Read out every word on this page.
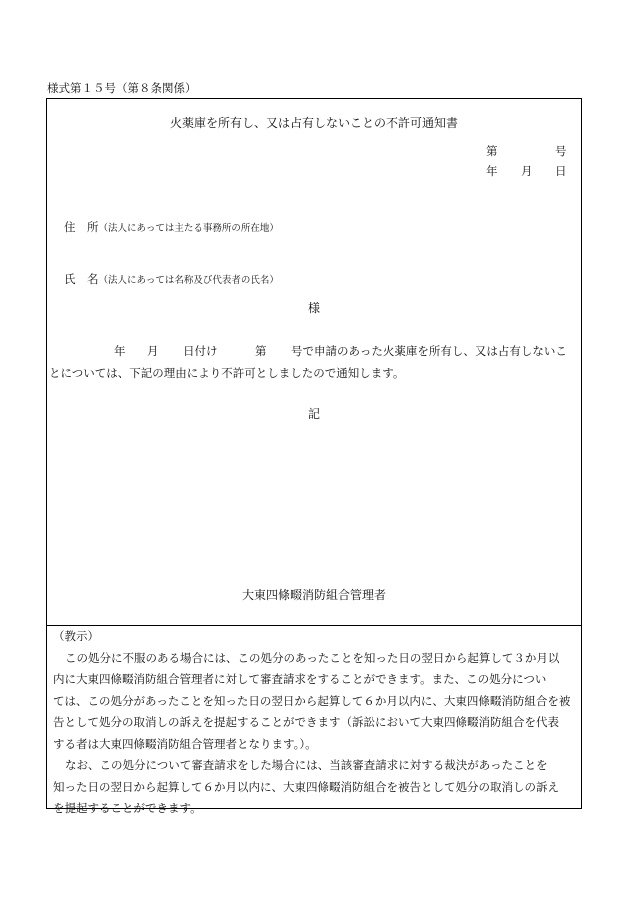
様式第１５号（第８条関係）
火薬庫を所有し、又は占有しないことの不許可通知書
第	号
年 月 日
住　所（法人にあっては主たる事務所の所在地）
氏　名（法人にあっては名称及び代表者の氏名）
様
年 月 日付け	第 号で申請のあった火薬庫を所有し、又は占有しないこ
とについては、下記の理由により不許可としましたので通知します。
記
大東四條畷消防組合管理者
（教示）
この処分に不服のある場合には、この処分のあったことを知った日の翌日から起算して３か月以
内に大東四條畷消防組合管理者に対して審査請求をすることができます。また、この処分につい
ては、この処分があったことを知った日の翌日から起算して６か月以内に、大東四條畷消防組合を被
告として処分の取消しの訴えを提起することができます（訴訟において大東四條畷消防組合を代表
する者は大東四條畷消防組合管理者となります。）。
なお、この処分について審査請求をした場合には、当該審査請求に対する裁決があったことを
知った日の翌日から起算して６か月以内に、大東四條畷消防組合を被告として処分の取消しの訴え
を提起することができます。
